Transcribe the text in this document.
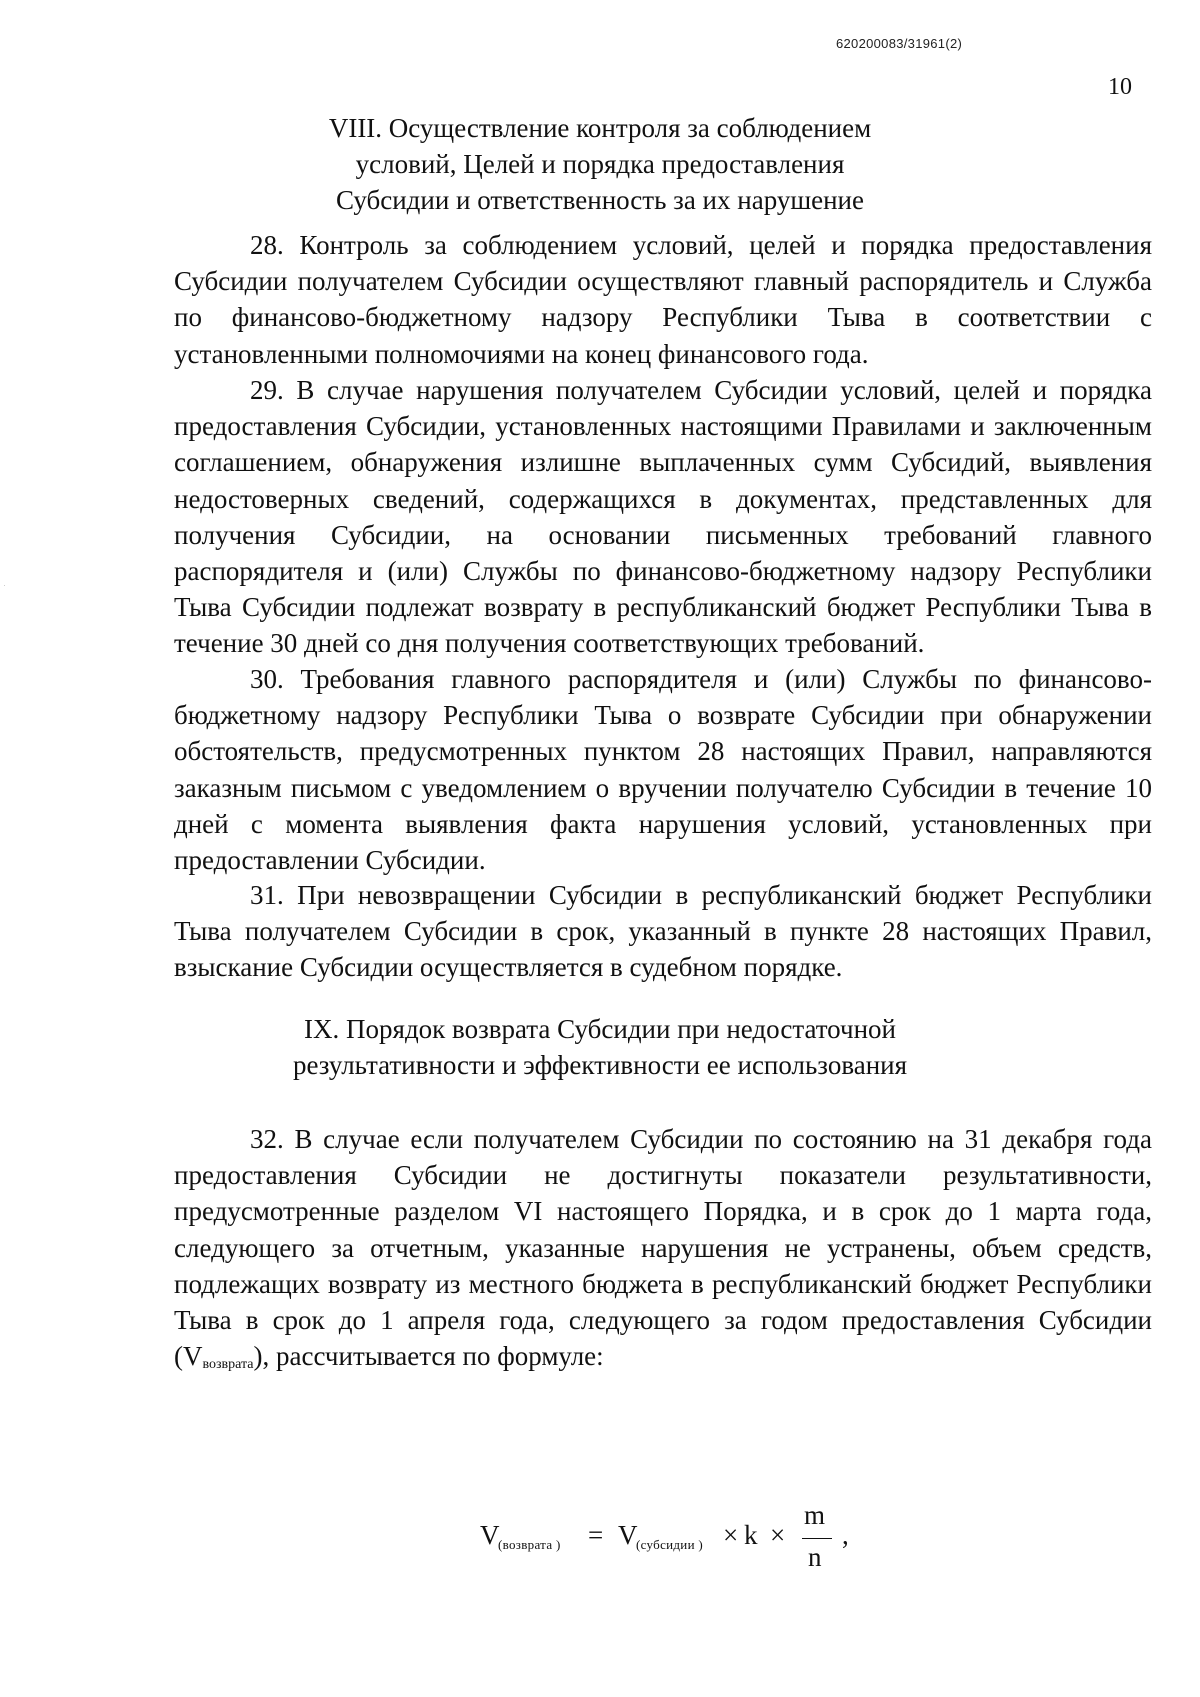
620200083/31961(2)
10
VIII. Осуществление контроля за соблюдением
условий, Целей и порядка предоставления
Субсидии и ответственность за их нарушение

28. Контроль за соблюдением условий, целей и порядка предоставления Субсидии получателем Субсидии осуществляют главный распорядитель и Служба по финансово-бюджетному надзору Республики Тыва в соответствии с установленными полномочиями на конец финансового года.

29. В случае нарушения получателем Субсидии условий, целей и порядка предоставления Субсидии, установленных настоящими Правилами и заключенным соглашением, обнаружения излишне выплаченных сумм Субсидий, выявления недостоверных сведений, содержащихся в документах, представленных для получения Субсидии, на основании письменных требований главного распорядителя и (или) Службы по финансово-бюджетному надзору Республики Тыва Субсидии подлежат возврату в республиканский бюджет Республики Тыва в течение 30 дней со дня получения соответствующих требований.

30. Требования главного распорядителя и (или) Службы по финансовобюджетному надзору Республики Тыва о возврате Субсидии при обнаружении обстоятельств, предусмотренных пунктом 28 настоящих Правил, направляются заказным письмом с уведомлением о вручении получателю Субсидии в течение 10 дней с момента выявления факта нарушения условий, установленных при предоставлении Субсидии.

31. При невозвращении Субсидии в республиканский бюджет Республики Тыва получателем Субсидии в срок, указанный в пункте 28 настоящих Правил, взыскание Субсидии осуществляется в судебном порядке.

IX. Порядок возврата Субсидии при недостаточной
результативности и эффективности ее использования

32. В случае если получателем Субсидии по состоянию на 31 декабря года предоставления Субсидии не достигнуты показатели результативности, предусмотренные разделом VI настоящего Порядка, и в срок до 1 марта года, следующего за отчетным, указанные нарушения не устранены, объем средств, подлежащих возврату из местного бюджета в республиканский бюджет Республики Тыва в срок до 1 апреля года, следующего за годом предоставления Субсидии $(V_{возврата})$, рассчитывается по формуле:

V
(возврата ) = V
(субсидии ) × k ×
m
n
,
